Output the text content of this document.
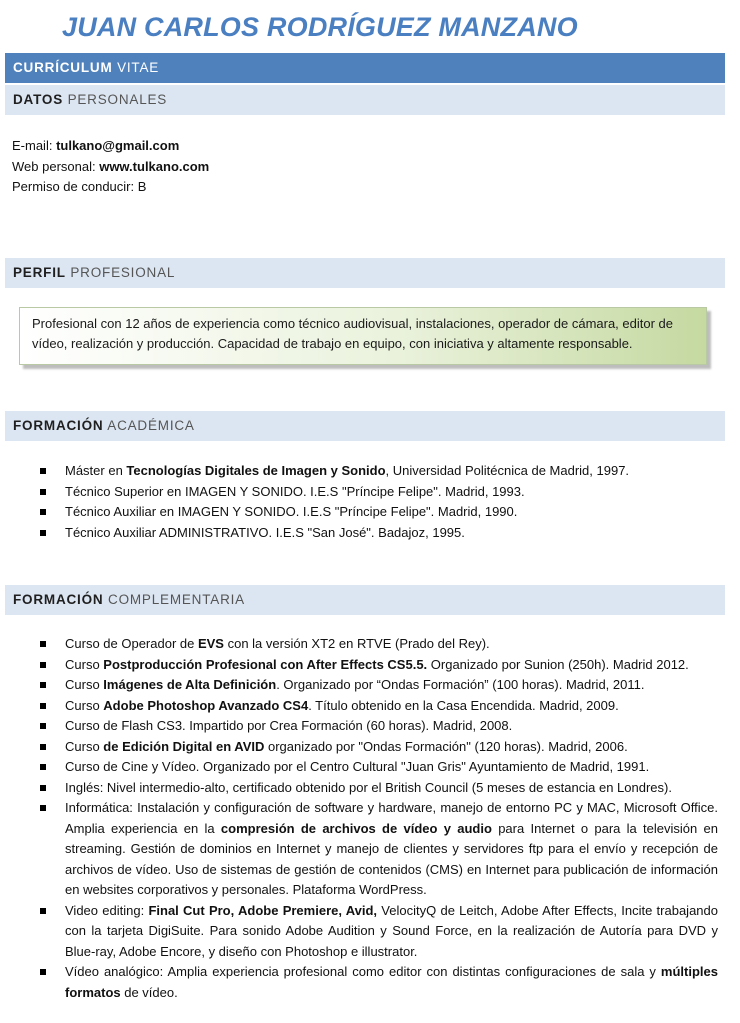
JUAN CARLOS RODRÍGUEZ MANZANO
CURRÍCULUM VITAE
DATOS PERSONALES
E-mail: tulkano@gmail.com
Web personal: www.tulkano.com
Permiso de conducir: B
PERFIL PROFESIONAL
Profesional con 12 años de experiencia como técnico audiovisual, instalaciones, operador de cámara, editor de vídeo, realización y producción. Capacidad de trabajo en equipo, con iniciativa y altamente responsable.
FORMACIÓN ACADÉMICA
Máster en Tecnologías Digitales de Imagen y Sonido, Universidad Politécnica de Madrid, 1997.
Técnico Superior en IMAGEN Y SONIDO. I.E.S "Príncipe Felipe". Madrid, 1993.
Técnico Auxiliar en IMAGEN Y SONIDO. I.E.S "Príncipe Felipe". Madrid, 1990.
Técnico Auxiliar ADMINISTRATIVO. I.E.S "San José". Badajoz, 1995.
FORMACIÓN COMPLEMENTARIA
Curso de Operador de EVS con la versión XT2 en RTVE (Prado del Rey).
Curso Postproducción Profesional con After Effects CS5.5. Organizado por Sunion (250h). Madrid 2012.
Curso Imágenes de Alta Definición. Organizado por “Ondas Formación” (100 horas). Madrid, 2011.
Curso Adobe Photoshop Avanzado CS4. Título obtenido en la Casa Encendida. Madrid, 2009.
Curso de Flash CS3. Impartido por Crea Formación (60 horas). Madrid, 2008.
Curso de Edición Digital en AVID organizado por "Ondas Formación" (120 horas). Madrid, 2006.
Curso de Cine y Vídeo. Organizado por el Centro Cultural "Juan Gris" Ayuntamiento de Madrid, 1991.
Inglés: Nivel intermedio-alto, certificado obtenido por el British Council (5 meses de estancia en Londres).
Informática: Instalación y configuración de software y hardware, manejo de entorno PC y MAC, Microsoft Office. Amplia experiencia en la compresión de archivos de vídeo y audio para Internet o para la televisión en streaming. Gestión de dominios en Internet y manejo de clientes y servidores ftp para el envío y recepción de archivos de vídeo. Uso de sistemas de gestión de contenidos (CMS) en Internet para publicación de información en websites corporativos y personales. Plataforma WordPress.
Video editing: Final Cut Pro, Adobe Premiere, Avid, VelocityQ de Leitch, Adobe After Effects, Incite trabajando con la tarjeta DigiSuite. Para sonido Adobe Audition y Sound Force, en la realización de Autoría para DVD y Blue-ray, Adobe Encore, y diseño con Photoshop e illustrator.
Vídeo analógico: Amplia experiencia profesional como editor con distintas configuraciones de sala y múltiples formatos de vídeo.
